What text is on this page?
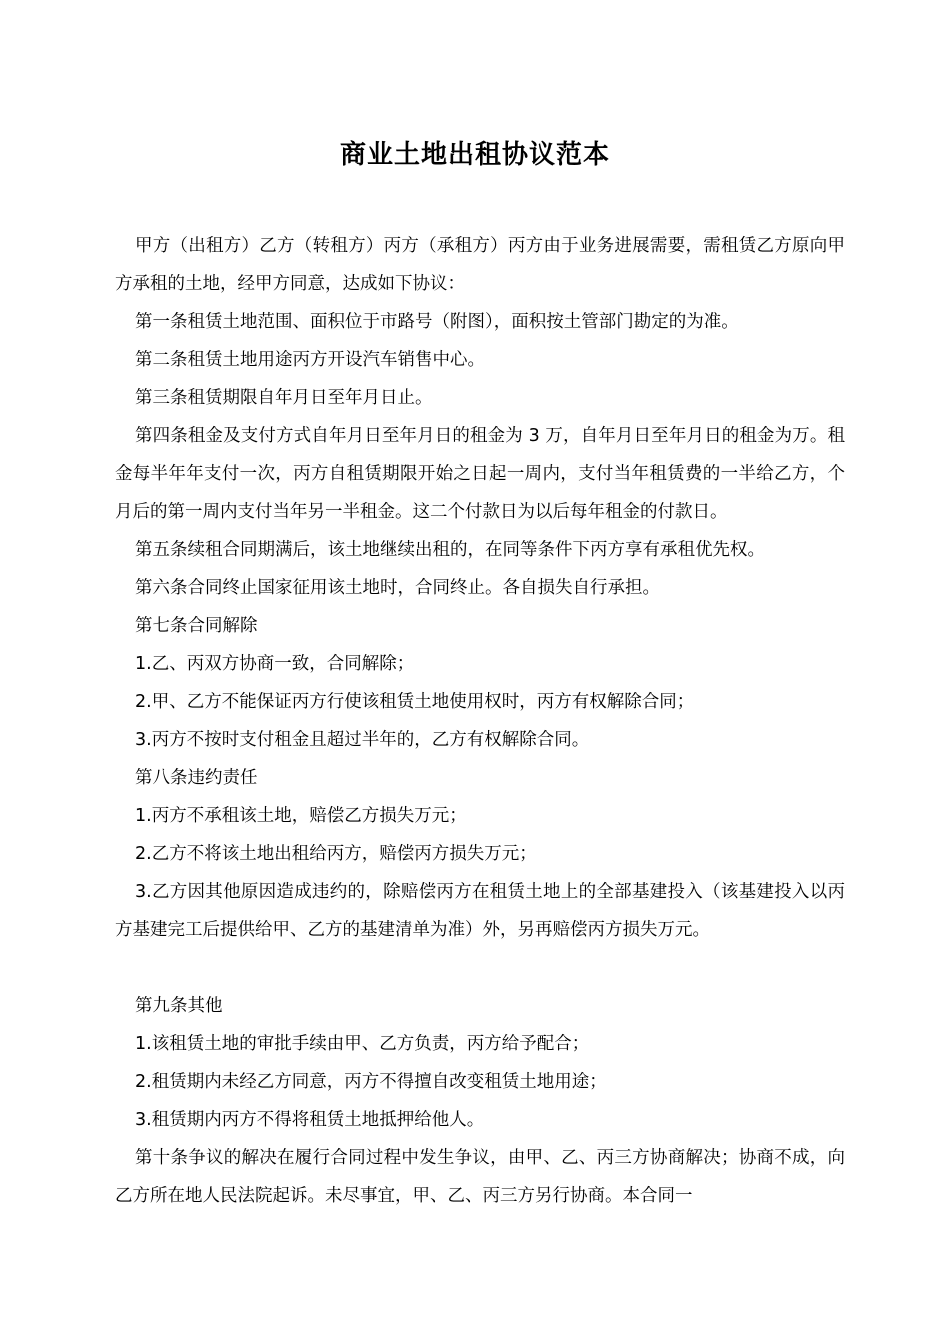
商业土地出租协议范本

甲方（出租方）乙方（转租方）丙方（承租方）丙方由于业务进展需要，需租赁乙方原向甲方承租的土地，经甲方同意，达成如下协议：

第一条租赁土地范围、面积位于市路号（附图），面积按土管部门勘定的为准。

第二条租赁土地用途丙方开设汽车销售中心。

第三条租赁期限自年月日至年月日止。

第四条租金及支付方式自年月日至年月日的租金为 3 万，自年月日至年月日的租金为万。租金每半年年支付一次，丙方自租赁期限开始之日起一周内，支付当年租赁费的一半给乙方，个月后的第一周内支付当年另一半租金。这二个付款日为以后每年租金的付款日。

第五条续租合同期满后，该土地继续出租的，在同等条件下丙方享有承租优先权。

第六条合同终止国家征用该土地时，合同终止。各自损失自行承担。

第七条合同解除

1.乙、丙双方协商一致，合同解除；

2.甲、乙方不能保证丙方行使该租赁土地使用权时，丙方有权解除合同；

3.丙方不按时支付租金且超过半年的，乙方有权解除合同。

第八条违约责任

1.丙方不承租该土地，赔偿乙方损失万元；

2.乙方不将该土地出租给丙方，赔偿丙方损失万元；

3.乙方因其他原因造成违约的，除赔偿丙方在租赁土地上的全部基建投入（该基建投入以丙方基建完工后提供给甲、乙方的基建清单为准）外，另再赔偿丙方损失万元。

第九条其他

1.该租赁土地的审批手续由甲、乙方负责，丙方给予配合；

2.租赁期内未经乙方同意，丙方不得擅自改变租赁土地用途；

3.租赁期内丙方不得将租赁土地抵押给他人。

第十条争议的解决在履行合同过程中发生争议，由甲、乙、丙三方协商解决；协商不成，向乙方所在地人民法院起诉。未尽事宜，甲、乙、丙三方另行协商。本合同一
